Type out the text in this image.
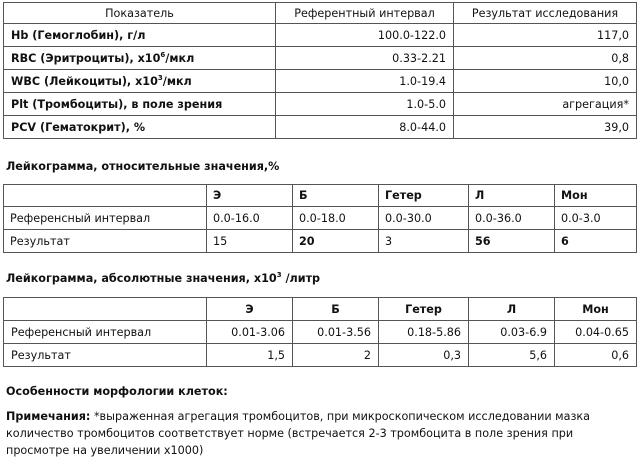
Показатель	Референтный интервал	Результат исследования
Hb (Гемоглобин), г/л	100.0-122.0	117,0
RBC (Эритроциты), $х10^6$/мкл	0.33-2.21	0,8
WBC (Лейкоциты), $х10^3$/мкл	1.0-19.4	10,0
Plt (Тромбоциты), в поле зрения	1.0-5.0	агрегация*
PCV (Гематокрит), %	8.0-44.0	39,0
Лейкограмма, относительные значения,%
	Э	Б	Гетер	Л	Мон
Референсный интервал	0.0-16.0	0.0-18.0	0.0-30.0	0.0-36.0	0.0-3.0
Результат	15	20	3	56	6
Лейкограмма, абсолютные значения, $х10^3$ /литр
	Э	Б	Гетер	Л	Мон
Референсный интервал	0.01-3.06	0.01-3.56	0.18-5.86	0.03-6.9	0.04-0.65
Результат	1,5	2	0,3	5,6	0,6
Особенности морфологии клеток:
Примечания: *выраженная агрегация тромбоцитов, при микроскопическом исследовании мазка количество тромбоцитов соответствует норме (встречается 2-3 тромбоцита в поле зрения при просмотре на увеличении х1000)
